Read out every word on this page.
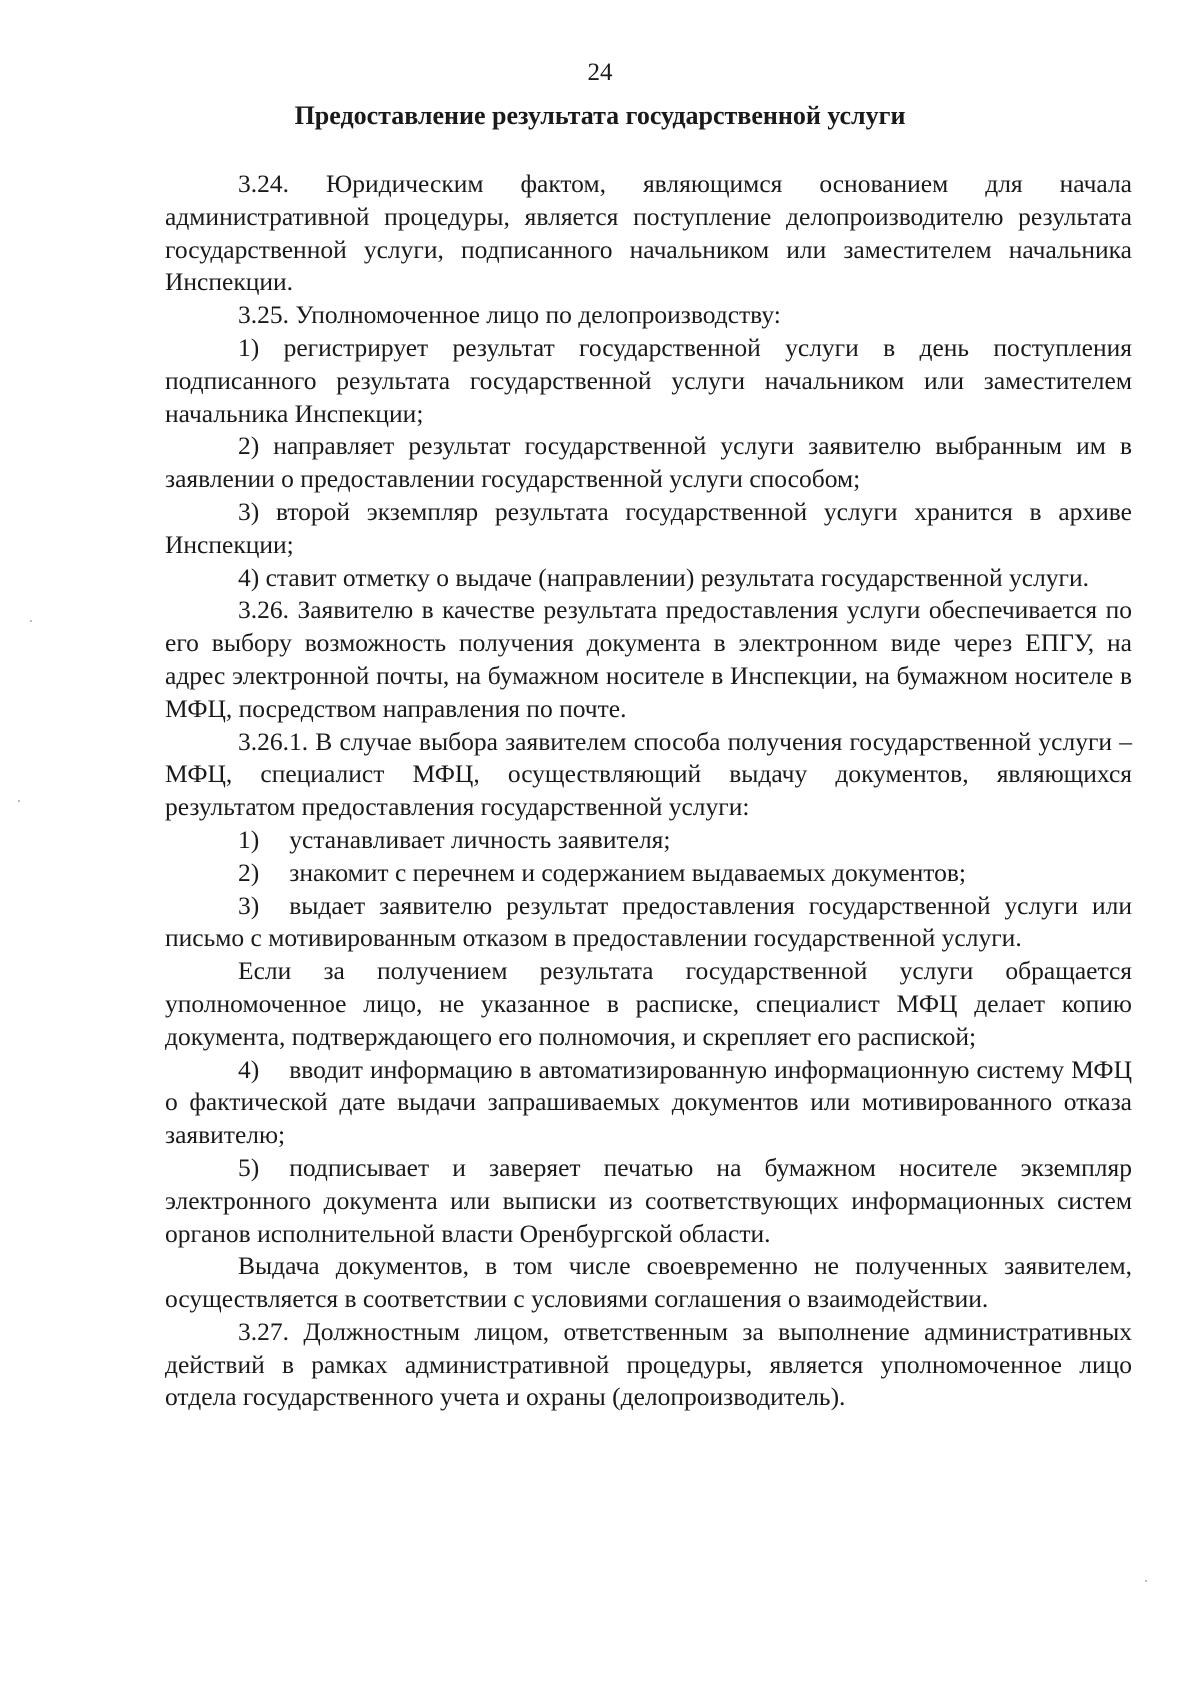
24
Предоставление результата государственной услуги

3.24. Юридическим фактом, являющимся основанием для начала административной процедуры, является поступление делопроизводителю результата государственной услуги, подписанного начальником или заместителем начальника Инспекции.

3.25. Уполномоченное лицо по делопроизводству:

1) регистрирует результат государственной услуги в день поступления подписанного результата государственной услуги начальником или заместителем начальника Инспекции;

2) направляет результат государственной услуги заявителю выбранным им в заявлении о предоставлении государственной услуги способом;

3) второй экземпляр результата государственной услуги хранится в архиве Инспекции;

4) ставит отметку о выдаче (направлении) результата государственной услуги.

3.26. Заявителю в качестве результата предоставления услуги обеспечивается по его выбору возможность получения документа в электронном виде через ЕПГУ, на адрес электронной почты, на бумажном носителе в Инспекции, на бумажном носителе в МФЦ, посредством направления по почте.

3.26.1. В случае выбора заявителем способа получения государственной услуги – МФЦ, специалист МФЦ, осуществляющий выдачу документов, являющихся результатом предоставления государственной услуги:

1) устанавливает личность заявителя;

2) знакомит с перечнем и содержанием выдаваемых документов;

3) выдает заявителю результат предоставления государственной услуги или письмо с мотивированным отказом в предоставлении государственной услуги.

Если за получением результата государственной услуги обращается уполномоченное лицо, не указанное в расписке, специалист МФЦ делает копию документа, подтверждающего его полномочия, и скрепляет его распиской;

4) вводит информацию в автоматизированную информационную систему МФЦ о фактической дате выдачи запрашиваемых документов или мотивированного отказа заявителю;

5) подписывает и заверяет печатью на бумажном носителе экземпляр электронного документа или выписки из соответствующих информационных систем органов исполнительной власти Оренбургской области.

Выдача документов, в том числе своевременно не полученных заявителем, осуществляется в соответствии с условиями соглашения о взаимодействии.

3.27. Должностным лицом, ответственным за выполнение административных действий в рамках административной процедуры, является уполномоченное лицо отдела государственного учета и охраны (делопроизводитель).
